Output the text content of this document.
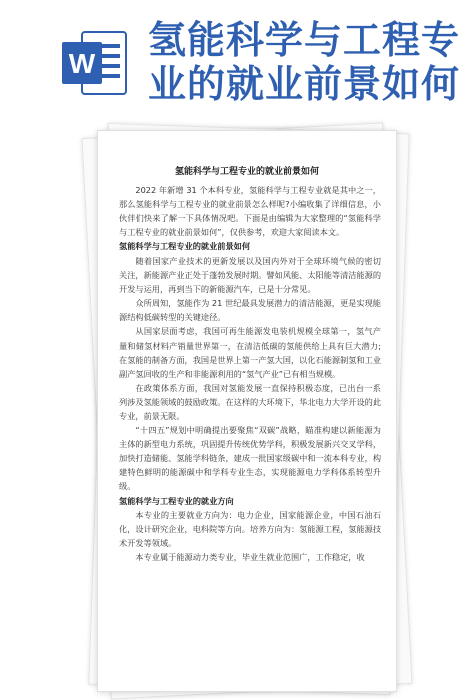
W
氢能科学与工程专
业的就业前景如何
氢能科学与工程专业的就业前景如何

2022 年新增 31 个本科专业，氢能科学与工程专业就是其中之一，那么氢能科学与工程专业的就业前景怎么样呢?小编收集了详细信息，小伙伴们快来了解一下具体情况吧。下面是由编辑为大家整理的“氢能科学与工程专业的就业前景如何”，仅供参考，欢迎大家阅读本文。

氢能科学与工程专业的就业前景如何

随着国家产业技术的更新发展以及国内外对于全球环境气候的密切关注，新能源产业正处于蓬勃发展时期。譬如风能、太阳能等清洁能源的开发与运用，再到当下的新能源汽车，已是十分常见。

众所周知，氢能作为 21 世纪最具发展潜力的清洁能源，更是实现能源结构低碳转型的关键途径。

从国家层面考虑，我国可再生能源发电装机规模全球第一，氢气产量和储氢材料产销量世界第一，在清洁低碳的氢能供给上具有巨大潜力;在氢能的制备方面，我国是世界上第一产氢大国，以化石能源制氢和工业副产氢回收的生产和非能源利用的“氢气产业”已有相当规模。

在政策体系方面，我国对氢能发展一直保持积极态度，已出台一系列涉及氢能领域的鼓励政策。在这样的大环境下，华北电力大学开设的此专业，前景无限。

“十四五”规划中明确提出要聚焦“双碳”战略，瞄准构建以新能源为主体的新型电力系统，巩固提升传统优势学科，积极发展新兴交叉学科，加快打造储能、氢能学科链条，建成一批国家级碳中和一流本科专业，构建特色鲜明的能源碳中和学科专业生态，实现能源电力学科体系转型升级。

氢能科学与工程专业的就业方向

本专业的主要就业方向为：电力企业，国家能源企业，中国石油石化，设计研究企业，电科院等方向。培养方向为：氢能源工程，氢能源技术开发等领域。

本专业属于能源动力类专业，毕业生就业范围广，工作稳定，收
